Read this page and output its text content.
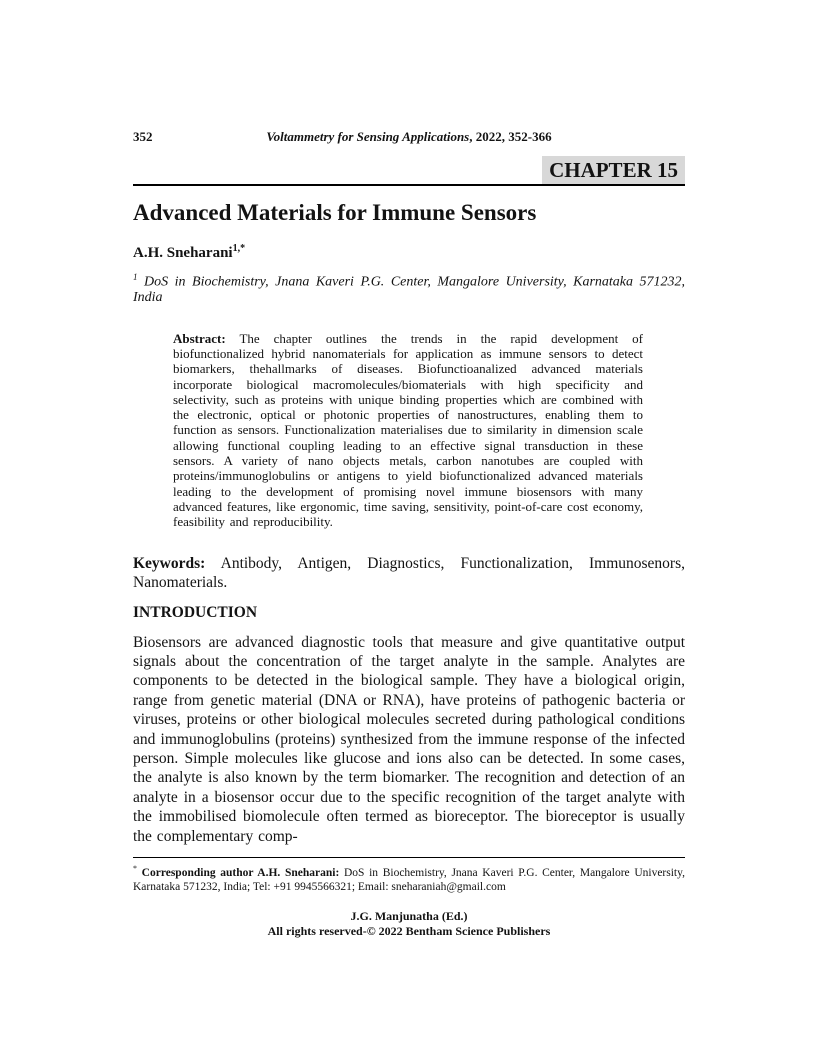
352	Voltammetry for Sensing Applications, 2022, 352-366
CHAPTER 15
Advanced Materials for Immune Sensors
A.H. Sneharani$^{1,*}$
$^1$ DoS in Biochemistry, Jnana Kaveri P.G. Center, Mangalore University, Karnataka 571232, India

Abstract: The chapter outlines the trends in the rapid development of biofunctionalized hybrid nanomaterials for application as immune sensors to detect biomarkers, thehallmarks of diseases. Biofunctioanalized advanced materials incorporate biological macromolecules/biomaterials with high specificity and selectivity, such as proteins with unique binding properties which are combined with the electronic, optical or photonic properties of nanostructures, enabling them to function as sensors. Functionalization materialises due to similarity in dimension scale allowing functional coupling leading to an effective signal transduction in these sensors. A variety of nano objects metals, carbon nanotubes are coupled with proteins/immunoglobulins or antigens to yield biofunctionalized advanced materials leading to the development of promising novel immune biosensors with many advanced features, like ergonomic, time saving, sensitivity, point-of-care cost economy, feasibility and reproducibility.

Keywords: Antibody, Antigen, Diagnostics, Functionalization, Immunosenors, Nanomaterials.

INTRODUCTION

Biosensors are advanced diagnostic tools that measure and give quantitative output signals about the concentration of the target analyte in the sample. Analytes are components to be detected in the biological sample. They have a biological origin, range from genetic material (DNA or RNA), have proteins of pathogenic bacteria or viruses, proteins or other biological molecules secreted during pathological conditions and immunoglobulins (proteins) synthesized from the immune response of the infected person. Simple molecules like glucose and ions also can be detected. In some cases, the analyte is also known by the term biomarker. The recognition and detection of an analyte in a biosensor occur due to the specific recognition of the target analyte with the immobilised biomolecule often termed as bioreceptor. The bioreceptor is usually the complementary comp-

* Corresponding author A.H. Sneharani: DoS in Biochemistry, Jnana Kaveri P.G. Center, Mangalore University, Karnataka 571232, India; Tel: +91 9945566321; Email: sneharaniah@gmail.com
J.G. Manjunatha (Ed.)
All rights reserved-© 2022 Bentham Science Publishers
